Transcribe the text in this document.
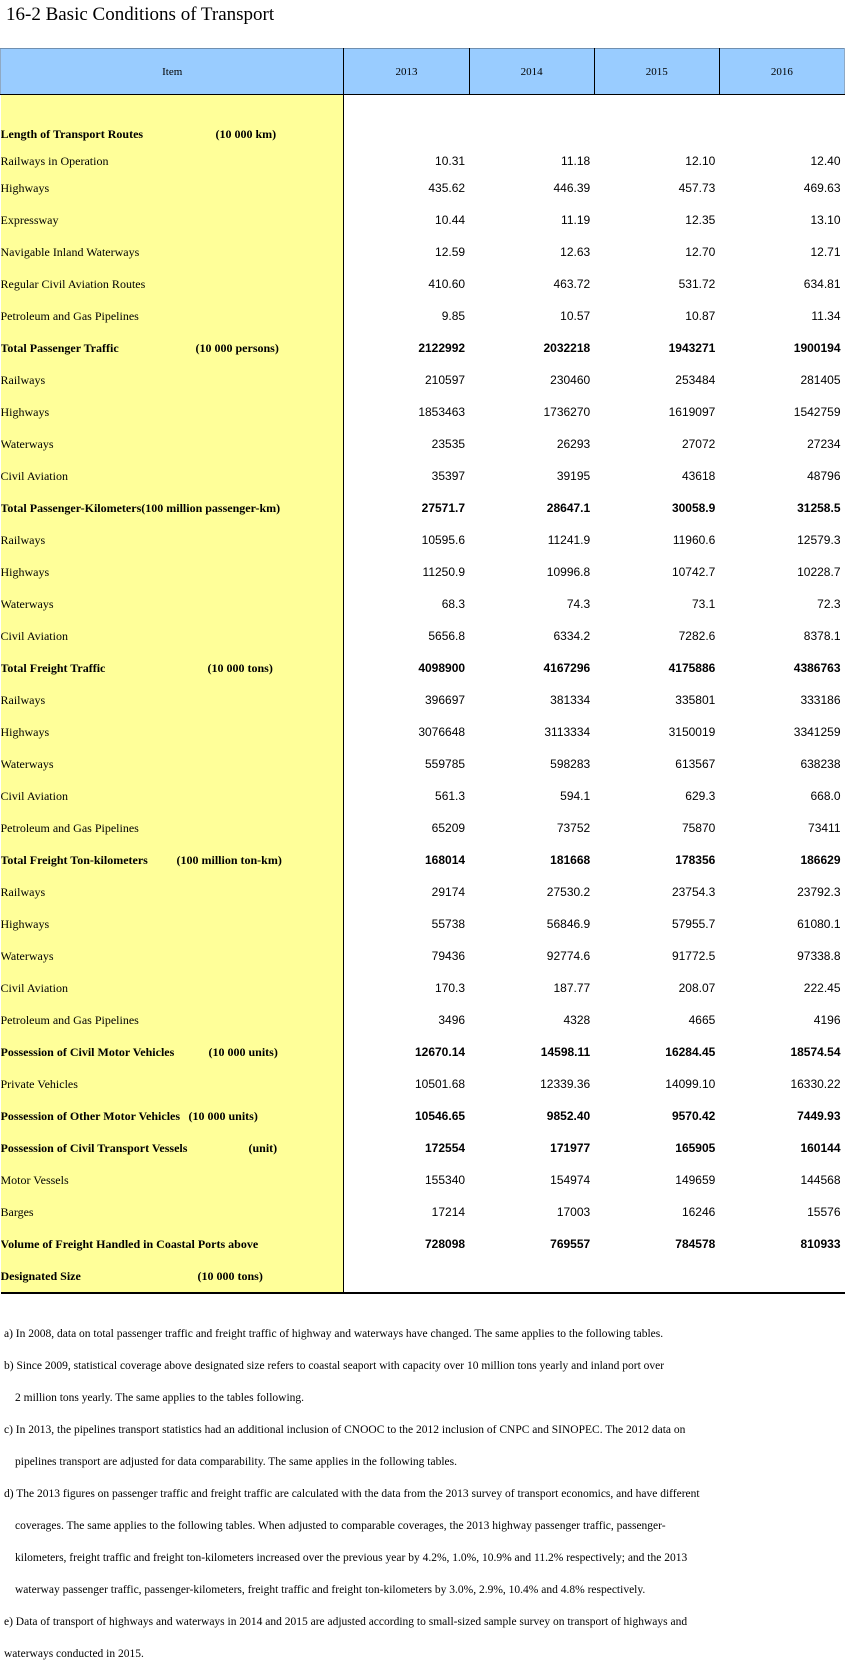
16-2 Basic Conditions of Transport
Item	2013	2014	2015	2016

Length of Transport Routes (10 000 km)				
Railways in Operation	10.31	11.18	12.10	12.40
Highways	435.62	446.39	457.73	469.63
Expressway	10.44	11.19	12.35	13.10
Navigable Inland Waterways	12.59	12.63	12.70	12.71
Regular Civil Aviation Routes	410.60	463.72	531.72	634.81
Petroleum and Gas Pipelines	9.85	10.57	10.87	11.34
Total Passenger Traffic (10 000 persons)	2122992	2032218	1943271	1900194
Railways	210597	230460	253484	281405
Highways	1853463	1736270	1619097	1542759
Waterways	23535	26293	27072	27234
Civil Aviation	35397	39195	43618	48796
Total Passenger-Kilometers(100 million passenger-km)	27571.7	28647.1	30058.9	31258.5
Railways	10595.6	11241.9	11960.6	12579.3
Highways	11250.9	10996.8	10742.7	10228.7
Waterways	68.3	74.3	73.1	72.3
Civil Aviation	5656.8	6334.2	7282.6	8378.1
Total Freight Traffic (10 000 tons)	4098900	4167296	4175886	4386763
Railways	396697	381334	335801	333186
Highways	3076648	3113334	3150019	3341259
Waterways	559785	598283	613567	638238
Civil Aviation	561.3	594.1	629.3	668.0
Petroleum and Gas Pipelines	65209	73752	75870	73411
Total Freight Ton-kilometers (100 million ton-km)	168014	181668	178356	186629
Railways	29174	27530.2	23754.3	23792.3
Highways	55738	56846.9	57955.7	61080.1
Waterways	79436	92774.6	91772.5	97338.8
Civil Aviation	170.3	187.77	208.07	222.45
Petroleum and Gas Pipelines	3496	4328	4665	4196
Possession of Civil Motor Vehicles (10 000 units)	12670.14	14598.11	16284.45	18574.54
Private Vehicles	10501.68	12339.36	14099.10	16330.22
Possession of Other Motor Vehicles (10 000 units)	10546.65	9852.40	9570.42	7449.93
Possession of Civil Transport Vessels (unit)	172554	171977	165905	160144
Motor Vessels	155340	154974	149659	144568
Barges	17214	17003	16246	15576
Volume of Freight Handled in Coastal Ports above	728098	769557	784578	810933
Designated Size (10 000 tons)				

a) In 2008, data on total passenger traffic and freight traffic of highway and waterways have changed. The same applies to the following tables.

b) Since 2009, statistical coverage above designated size refers to coastal seaport with capacity over 10 million tons yearly and inland port over

2 million tons yearly. The same applies to the tables following.

c) In 2013, the pipelines transport statistics had an additional inclusion of CNOOC to the 2012 inclusion of CNPC and SINOPEC. The 2012 data on

pipelines transport are adjusted for data comparability. The same applies in the following tables.

d) The 2013 figures on passenger traffic and freight traffic are calculated with the data from the 2013 survey of transport economics, and have different

coverages. The same applies to the following tables. When adjusted to comparable coverages, the 2013 highway passenger traffic, passenger-

kilometers, freight traffic and freight ton-kilometers increased over the previous year by 4.2%, 1.0%, 10.9% and 11.2% respectively; and the 2013

waterway passenger traffic, passenger-kilometers, freight traffic and freight ton-kilometers by 3.0%, 2.9%, 10.4% and 4.8% respectively.

e) Data of transport of highways and waterways in 2014 and 2015 are adjusted according to small-sized sample survey on transport of highways and

waterways conducted in 2015.
